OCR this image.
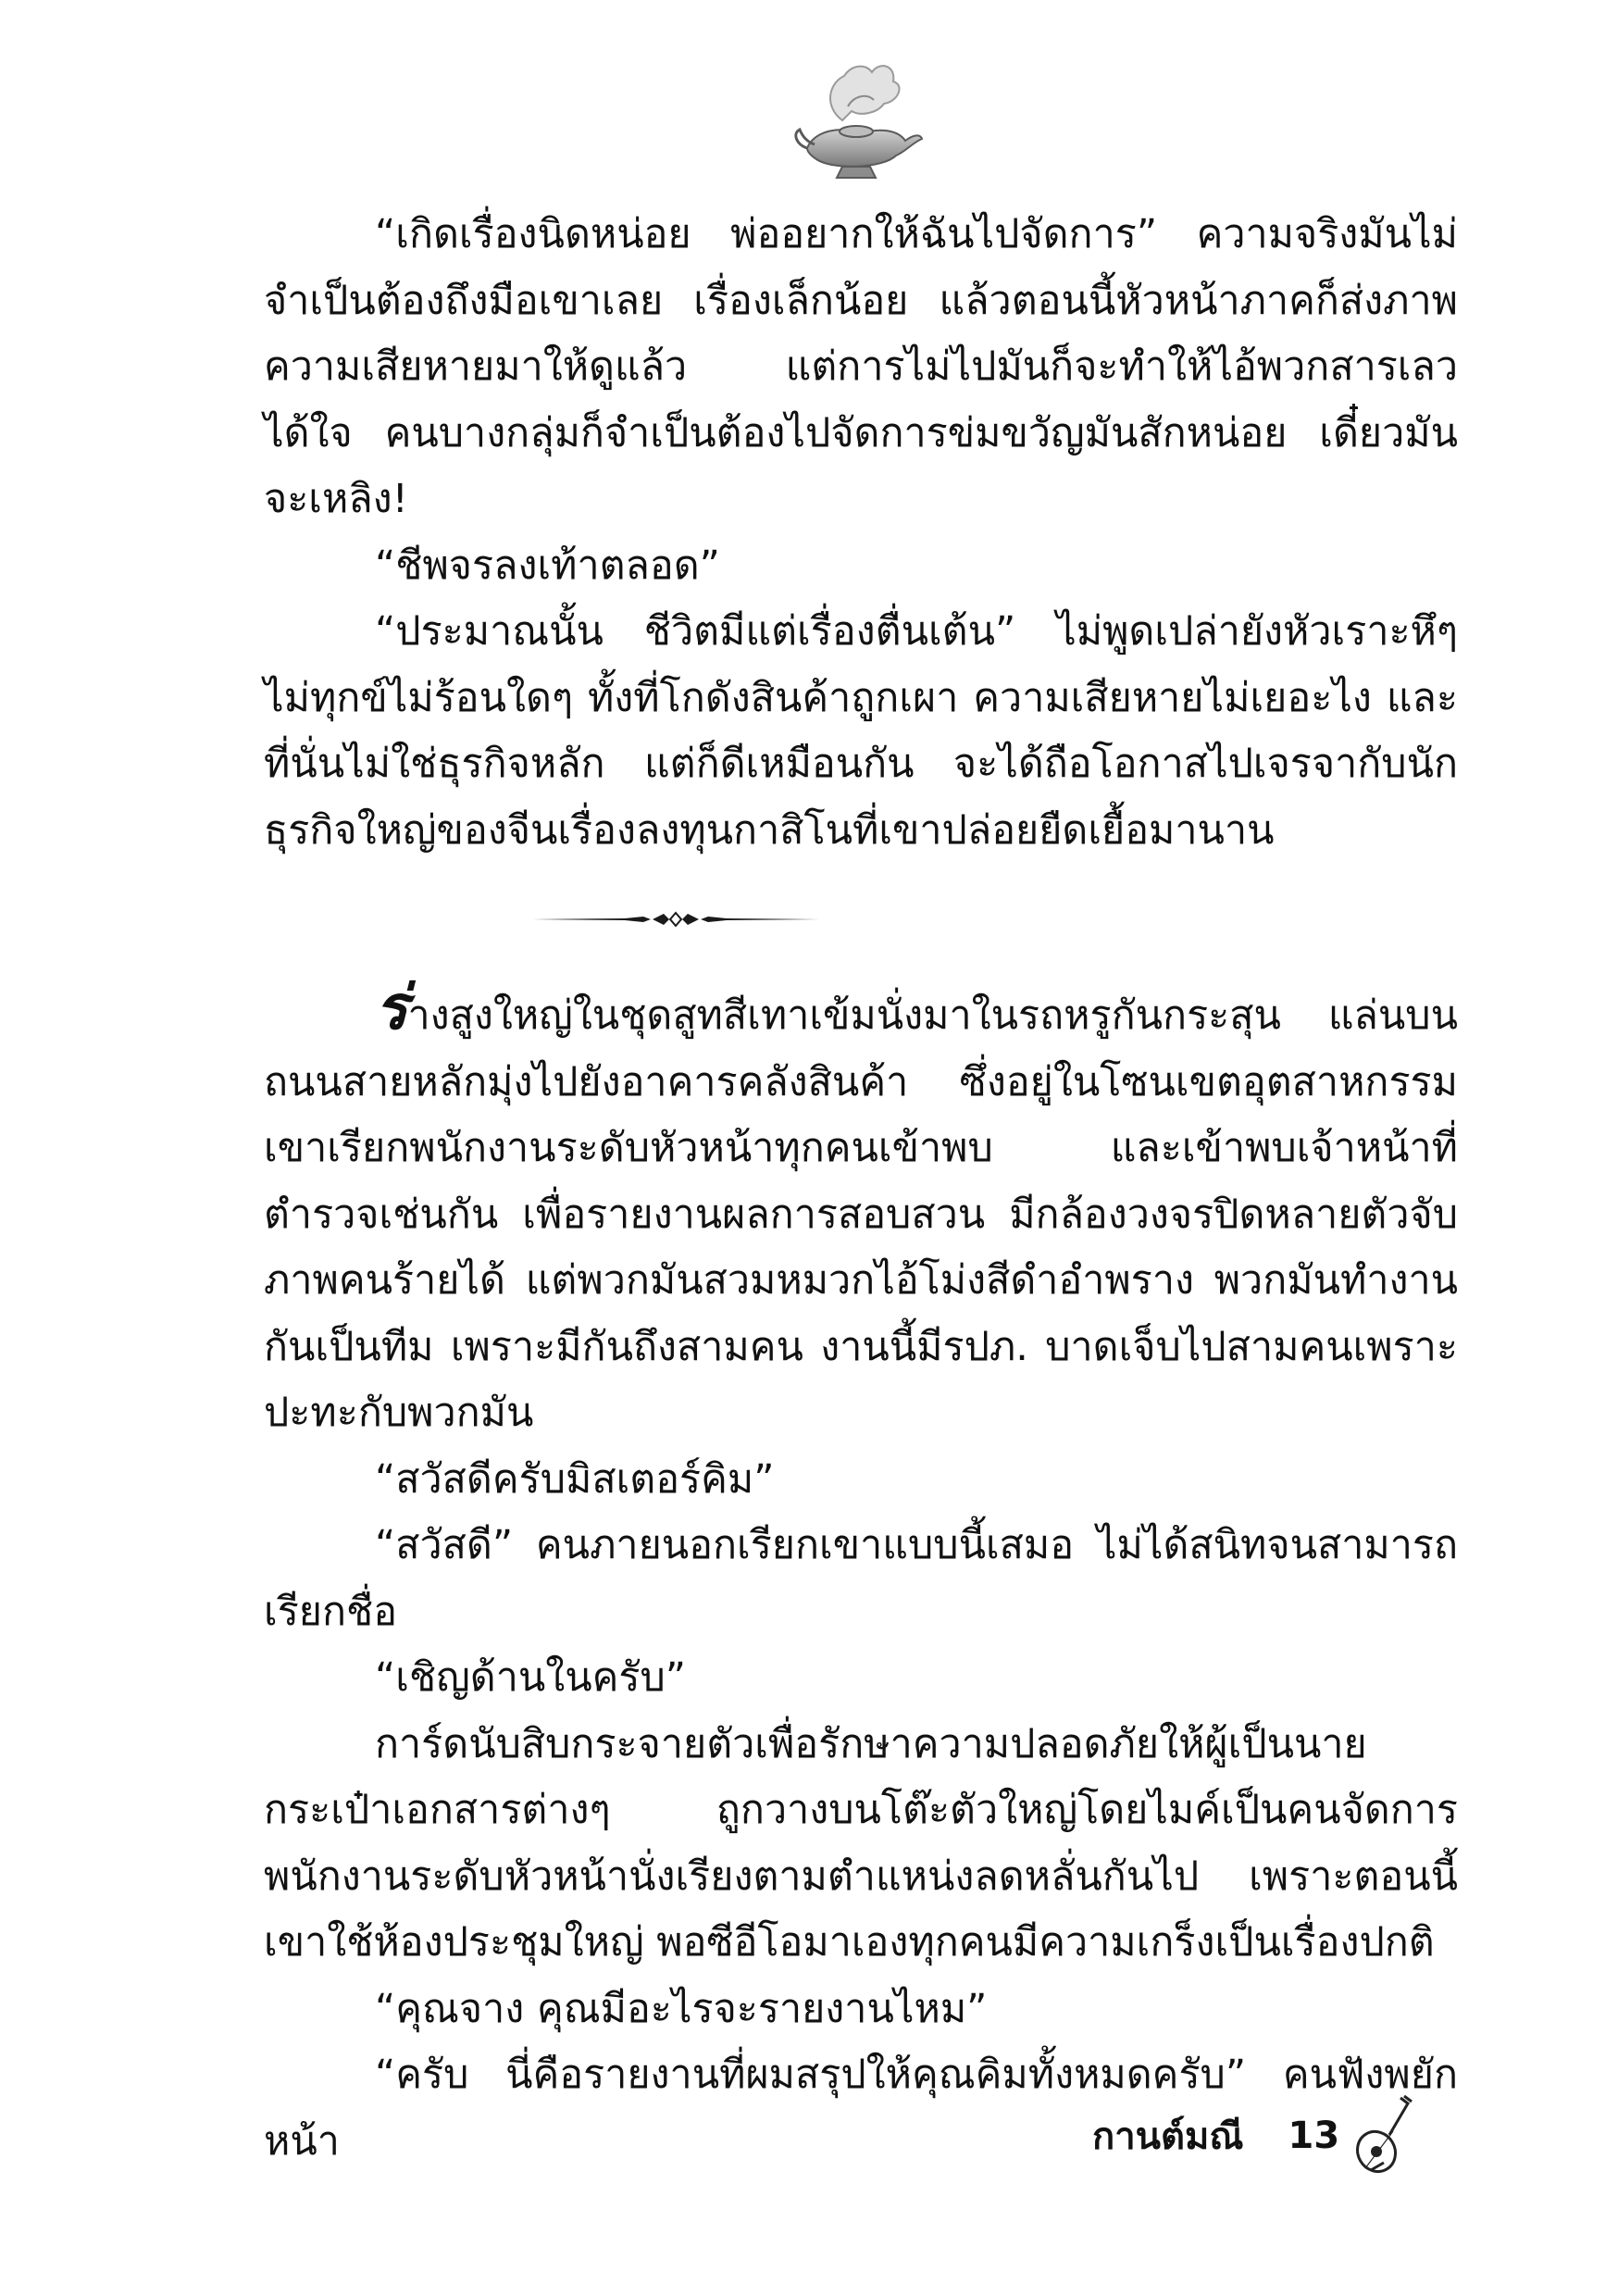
“เกิดเรื่องนิดหน่อย พ่ออยากให้ฉันไปจัดการ” ความจริงมันไม่จำเป็นต้องถึงมือเขาเลย เรื่องเล็กน้อย แล้วตอนนี้หัวหน้าภาคก็ส่งภาพความเสียหายมาให้ดูแล้ว แต่การไม่ไปมันก็จะทำให้ไอ้พวกสารเลวได้ใจ คนบางกลุ่มก็จำเป็นต้องไปจัดการข่มขวัญมันสักหน่อย เดี๋ยวมันจะเหลิง!

“ชีพจรลงเท้าตลอด”

“ประมาณนั้น ชีวิตมีแต่เรื่องตื่นเต้น” ไม่พูดเปล่ายังหัวเราะหึๆ ไม่ทุกข์ไม่ร้อนใดๆ ทั้งที่โกดังสินค้าถูกเผา ความเสียหายไม่เยอะไง และที่นั่นไม่ใช่ธุรกิจหลัก แต่ก็ดีเหมือนกัน จะได้ถือโอกาสไปเจรจากับนักธุรกิจใหญ่ของจีนเรื่องลงทุนกาสิโนที่เขาปล่อยยืดเยื้อมานาน

ร่างสูงใหญ่ในชุดสูทสีเทาเข้มนั่งมาในรถหรูกันกระสุน แล่นบนถนนสายหลักมุ่งไปยังอาคารคลังสินค้า ซึ่งอยู่ในโซนเขตอุตสาหกรรม เขาเรียกพนักงานระดับหัวหน้าทุกคนเข้าพบ และเข้าพบเจ้าหน้าที่ตำรวจเช่นกัน เพื่อรายงานผลการสอบสวน มีกล้องวงจรปิดหลายตัวจับภาพคนร้ายได้ แต่พวกมันสวมหมวกไอ้โม่งสีดำอำพราง พวกมันทำงานกันเป็นทีม เพราะมีกันถึงสามคน งานนี้มีรปภ. บาดเจ็บไปสามคนเพราะปะทะกับพวกมัน

“สวัสดีครับมิสเตอร์คิม”

“สวัสดี” คนภายนอกเรียกเขาแบบนี้เสมอ ไม่ได้สนิทจนสามารถเรียกชื่อ

“เชิญด้านในครับ”

การ์ดนับสิบกระจายตัวเพื่อรักษาความปลอดภัยให้ผู้เป็นนาย กระเป๋าเอกสารต่างๆ ถูกวางบนโต๊ะตัวใหญ่โดยไมค์เป็นคนจัดการ พนักงานระดับหัวหน้านั่งเรียงตามตำแหน่งลดหลั่นกันไป เพราะตอนนี้เขาใช้ห้องประชุมใหญ่ พอซีอีโอมาเองทุกคนมีความเกร็งเป็นเรื่องปกติ

“คุณจาง คุณมีอะไรจะรายงานไหม”

“ครับ นี่คือรายงานที่ผมสรุปให้คุณคิมทั้งหมดครับ” คนฟังพยักหน้า	กานต์มณี 13
